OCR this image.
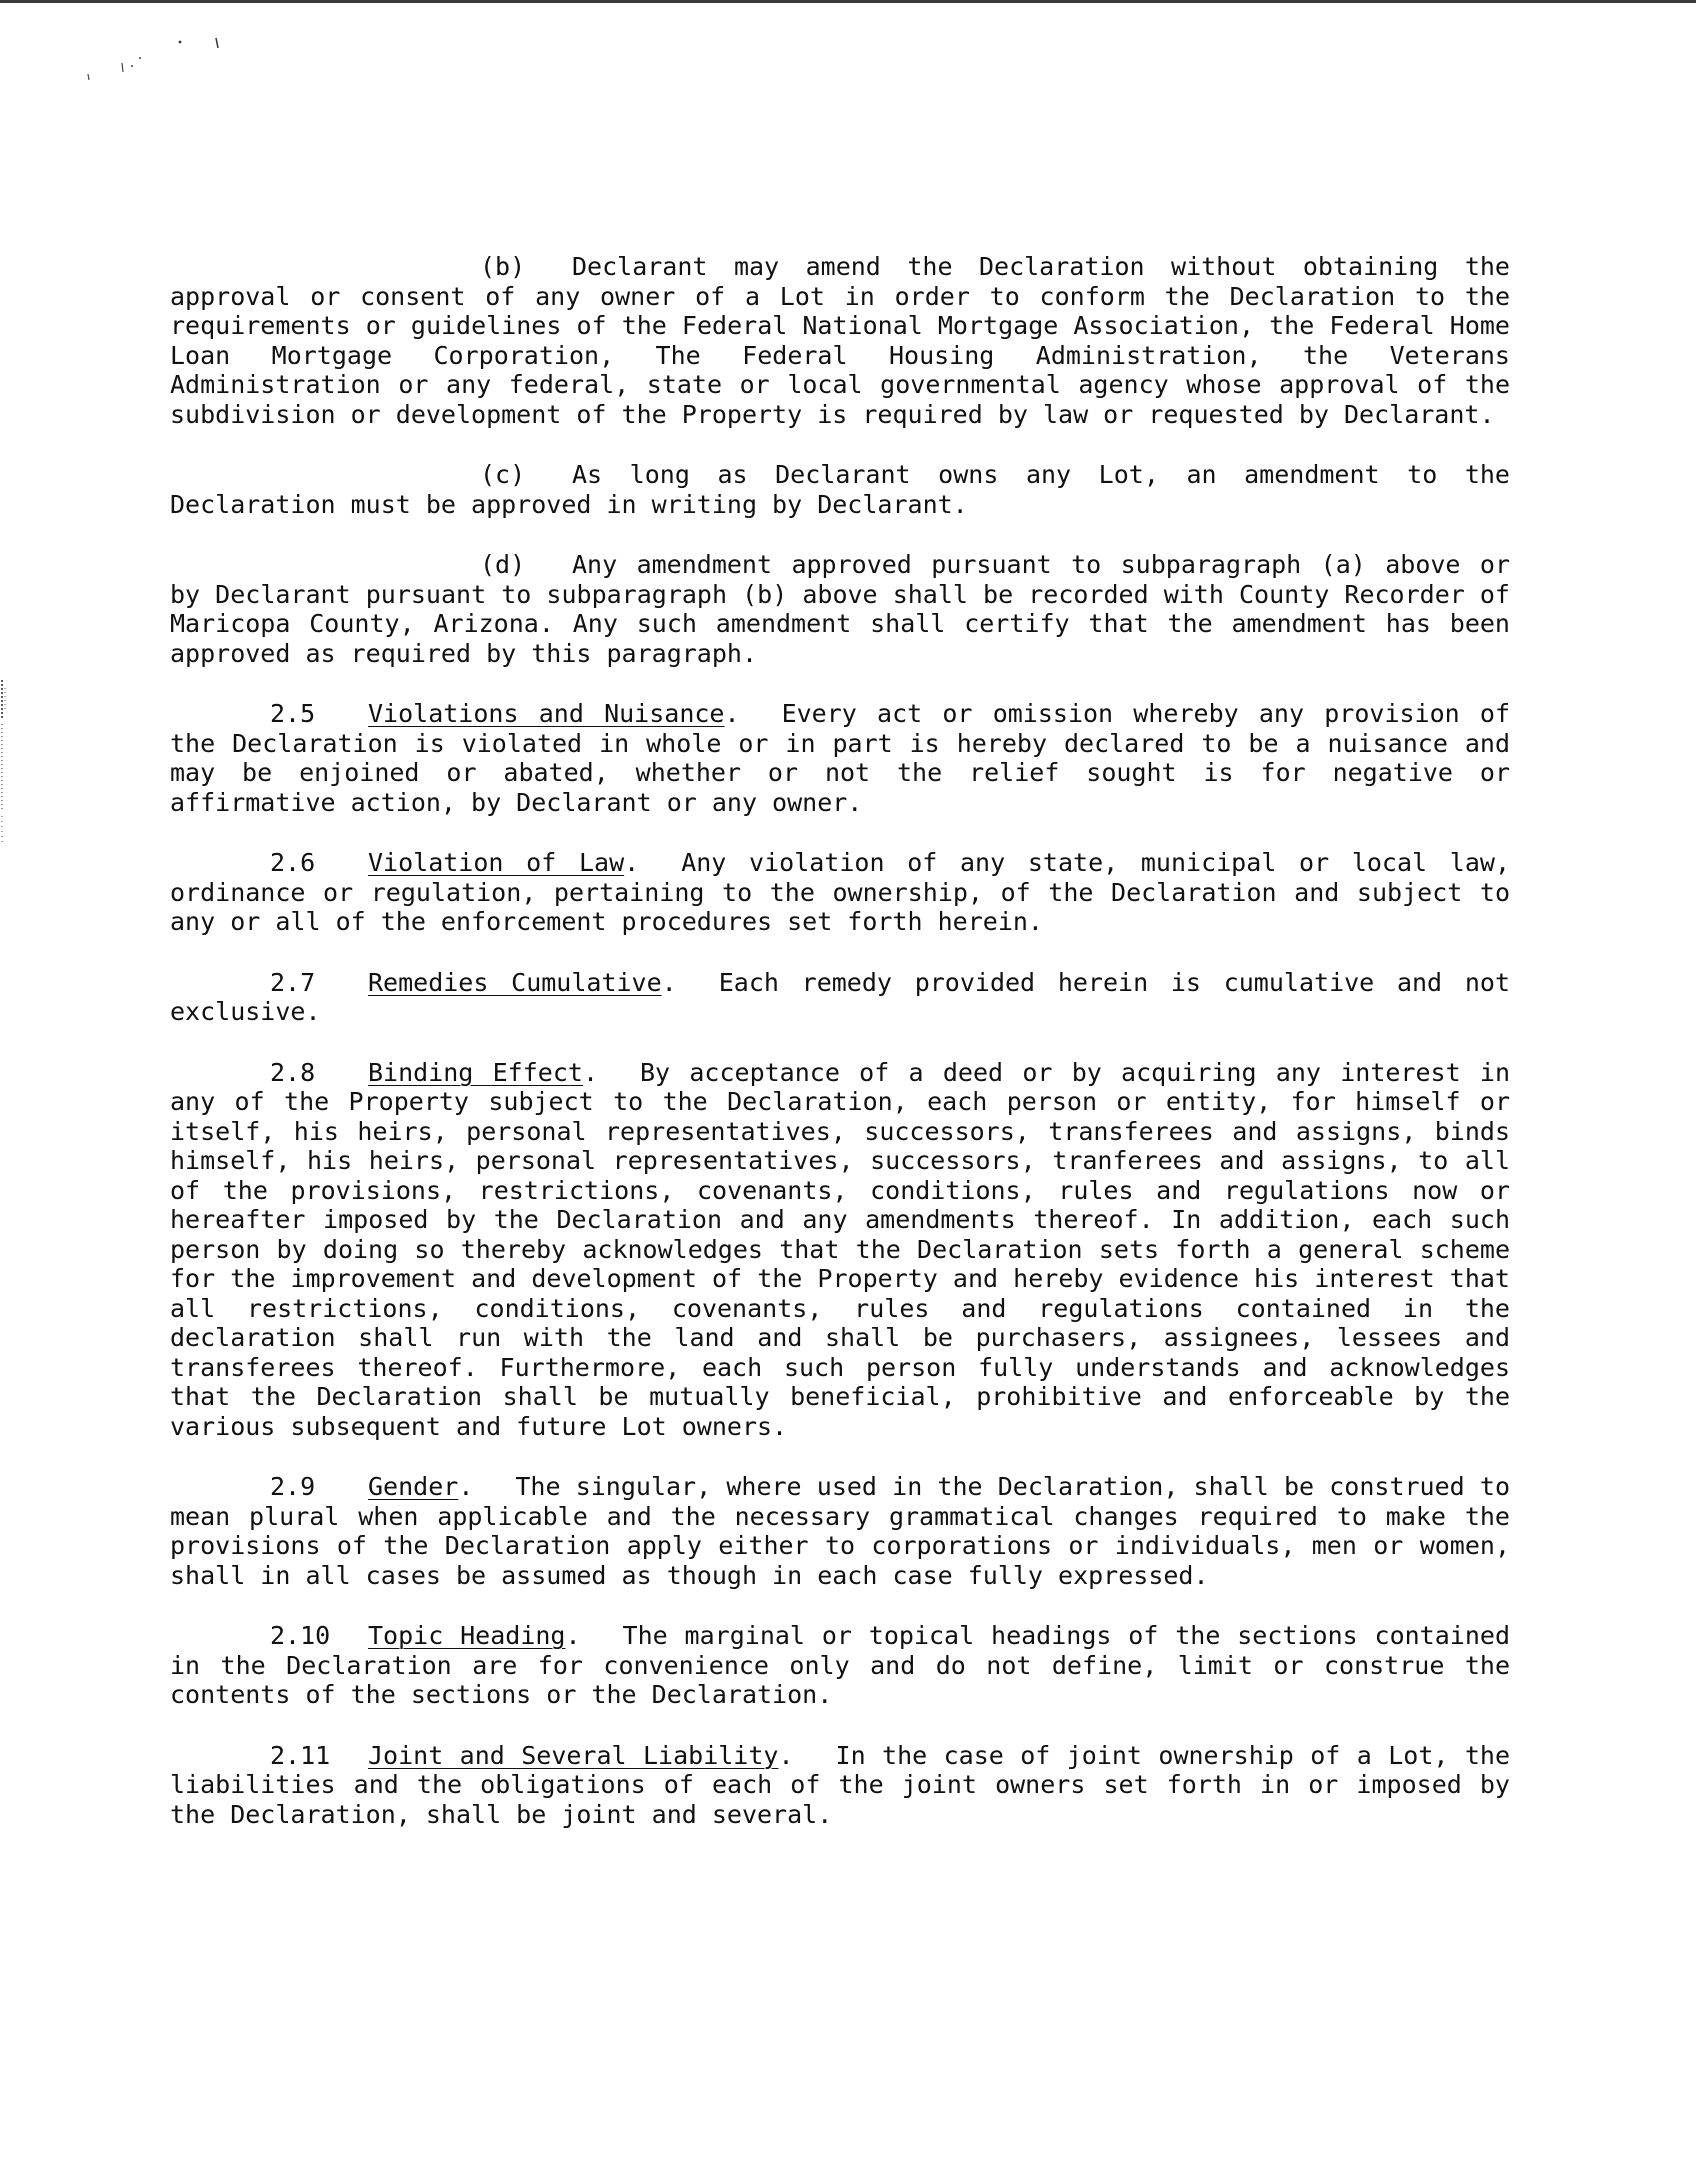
(b) Declarant may amend the Declaration without obtaining the approval or consent of any owner of a Lot in order to conform the Declaration to the requirements or guidelines of the Federal National Mortgage Association, the Federal Home Loan Mortgage Corporation, The Federal Housing Administration, the Veterans Administration or any federal, state or local governmental agency whose approval of the subdivision or development of the Property is required by law or requested by Declarant.

(c) As long as Declarant owns any Lot, an amendment to the Declaration must be approved in writing by Declarant.

(d) Any amendment approved pursuant to subparagraph (a) above or by Declarant pursuant to subparagraph (b) above shall be recorded with County Recorder of Maricopa County, Arizona. Any such amendment shall certify that the amendment has been approved as required by this paragraph.

2.5 Violations and Nuisance. Every act or omission whereby any provision of the Declaration is violated in whole or in part is hereby declared to be a nuisance and may be enjoined or abated, whether or not the relief sought is for negative or affirmative action, by Declarant or any owner.

2.6 Violation of Law. Any violation of any state, municipal or local law, ordinance or regulation, pertaining to the ownership, of the Declaration and subject to any or all of the enforcement procedures set forth herein.

2.7 Remedies Cumulative. Each remedy provided herein is cumulative and not exclusive.

2.8 Binding Effect. By acceptance of a deed or by acquiring any interest in any of the Property subject to the Declaration, each person or entity, for himself or itself, his heirs, personal representatives, successors, transferees and assigns, binds himself, his heirs, personal representatives, successors, tranferees and assigns, to all of the provisions, restrictions, covenants, conditions, rules and regulations now or hereafter imposed by the Declaration and any amendments thereof. In addition, each such person by doing so thereby acknowledges that the Declaration sets forth a general scheme for the improvement and development of the Property and hereby evidence his interest that all restrictions, conditions, covenants, rules and regulations contained in the declaration shall run with the land and shall be purchasers, assignees, lessees and transferees thereof. Furthermore, each such person fully understands and acknowledges that the Declaration shall be mutually beneficial, prohibitive and enforceable by the various subsequent and future Lot owners.

2.9 Gender. The singular, where used in the Declaration, shall be construed to mean plural when applicable and the necessary grammatical changes required to make the provisions of the Declaration apply either to corporations or individuals, men or women, shall in all cases be assumed as though in each case fully expressed.

2.10 Topic Heading. The marginal or topical headings of the sections contained in the Declaration are for convenience only and do not define, limit or construe the contents of the sections or the Declaration.

2.11 Joint and Several Liability. In the case of joint ownership of a Lot, the liabilities and the obligations of each of the joint owners set forth in or imposed by the Declaration, shall be joint and several.
